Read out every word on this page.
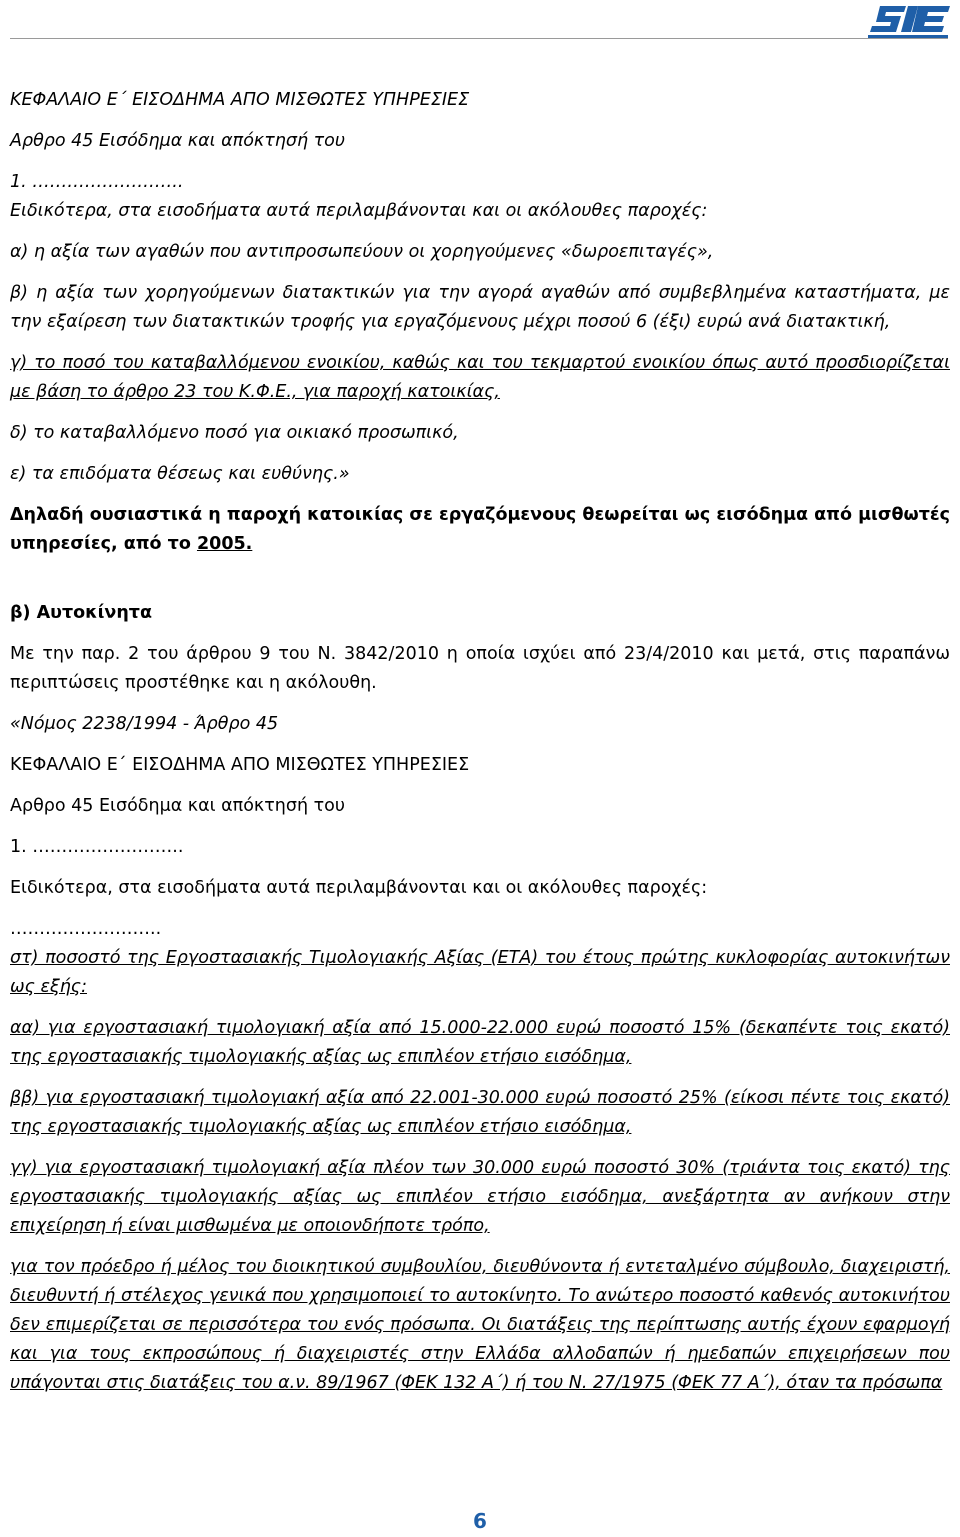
ΚΕΦΑΛΑΙΟ Ε΄ ΕΙΣΟΔΗΜΑ ΑΠΟ ΜΙΣΘΩΤΕΣ ΥΠΗΡΕΣΙΕΣ

Αρθρο 45 Εισόδημα και απόκτησή του

1. ……………………..

Ειδικότερα, στα εισοδήματα αυτά περιλαμβάνονται και οι ακόλουθες παροχές:

α) η αξία των αγαθών που αντιπροσωπεύουν οι χορηγούμενες «δωροεπιταγές»,

β) η αξία των χορηγούμενων διατακτικών για την αγορά αγαθών από συμβεβλημένα καταστήματα, με την εξαίρεση των διατακτικών τροφής για εργαζόμενους μέχρι ποσού 6 (έξι) ευρώ ανά διατακτική,

γ) το ποσό του καταβαλλόμενου ενοικίου, καθώς και του τεκμαρτού ενοικίου όπως αυτό προσδιορίζεται με βάση το άρθρο 23 του Κ.Φ.Ε., για παροχή κατοικίας,

δ) το καταβαλλόμενο ποσό για οικιακό προσωπικό,

ε) τα επιδόματα θέσεως και ευθύνης.»

Δηλαδή ουσιαστικά η παροχή κατοικίας σε εργαζόμενους θεωρείται ως εισόδημα από μισθωτές υπηρεσίες, από το 2005.

β) Αυτοκίνητα

Με την παρ. 2 του άρθρου 9 του Ν. 3842/2010 η οποία ισχύει από 23/4/2010 και μετά, στις παραπάνω περιπτώσεις προστέθηκε και η ακόλουθη.

«Νόμος 2238/1994 - Άρθρο 45

ΚΕΦΑΛΑΙΟ Ε΄ ΕΙΣΟΔΗΜΑ ΑΠΟ ΜΙΣΘΩΤΕΣ ΥΠΗΡΕΣΙΕΣ

Αρθρο 45 Εισόδημα και απόκτησή του

1. ……………………..

Ειδικότερα, στα εισοδήματα αυτά περιλαμβάνονται και οι ακόλουθες παροχές:

……………………..

στ) ποσοστό της Εργοστασιακής Τιμολογιακής Αξίας (ΕΤΑ) του έτους πρώτης κυκλοφορίας αυτοκινήτων ως εξής:

αα) για εργοστασιακή τιμολογιακή αξία από 15.000-22.000 ευρώ ποσοστό 15% (δεκαπέντε τοις εκατό) της εργοστασιακής τιμολογιακής αξίας ως επιπλέον ετήσιο εισόδημα,

ββ) για εργοστασιακή τιμολογιακή αξία από 22.001-30.000 ευρώ ποσοστό 25% (είκοσι πέντε τοις εκατό) της εργοστασιακής τιμολογιακής αξίας ως επιπλέον ετήσιο εισόδημα,

γγ) για εργοστασιακή τιμολογιακή αξία πλέον των 30.000 ευρώ ποσοστό 30% (τριάντα τοις εκατό) της εργοστασιακής τιμολογιακής αξίας ως επιπλέον ετήσιο εισόδημα, ανεξάρτητα αν ανήκουν στην επιχείρηση ή είναι μισθωμένα με οποιονδήποτε τρόπο,

για τον πρόεδρο ή μέλος του διοικητικού συμβουλίου, διευθύνοντα ή εντεταλμένο σύμβουλο, διαχειριστή, διευθυντή ή στέλεχος γενικά που χρησιμοποιεί το αυτοκίνητο. Το ανώτερο ποσοστό καθενός αυτοκινήτου δεν επιμερίζεται σε περισσότερα του ενός πρόσωπα. Οι διατάξεις της περίπτωσης αυτής έχουν εφαρμογή και για τους εκπροσώπους ή διαχειριστές στην Ελλάδα αλλοδαπών ή ημεδαπών επιχειρήσεων που υπάγονται στις διατάξεις του α.ν. 89/1967 (ΦΕΚ 132 Α΄) ή του Ν. 27/1975 (ΦΕΚ 77 Α΄), όταν τα πρόσωπα

6
